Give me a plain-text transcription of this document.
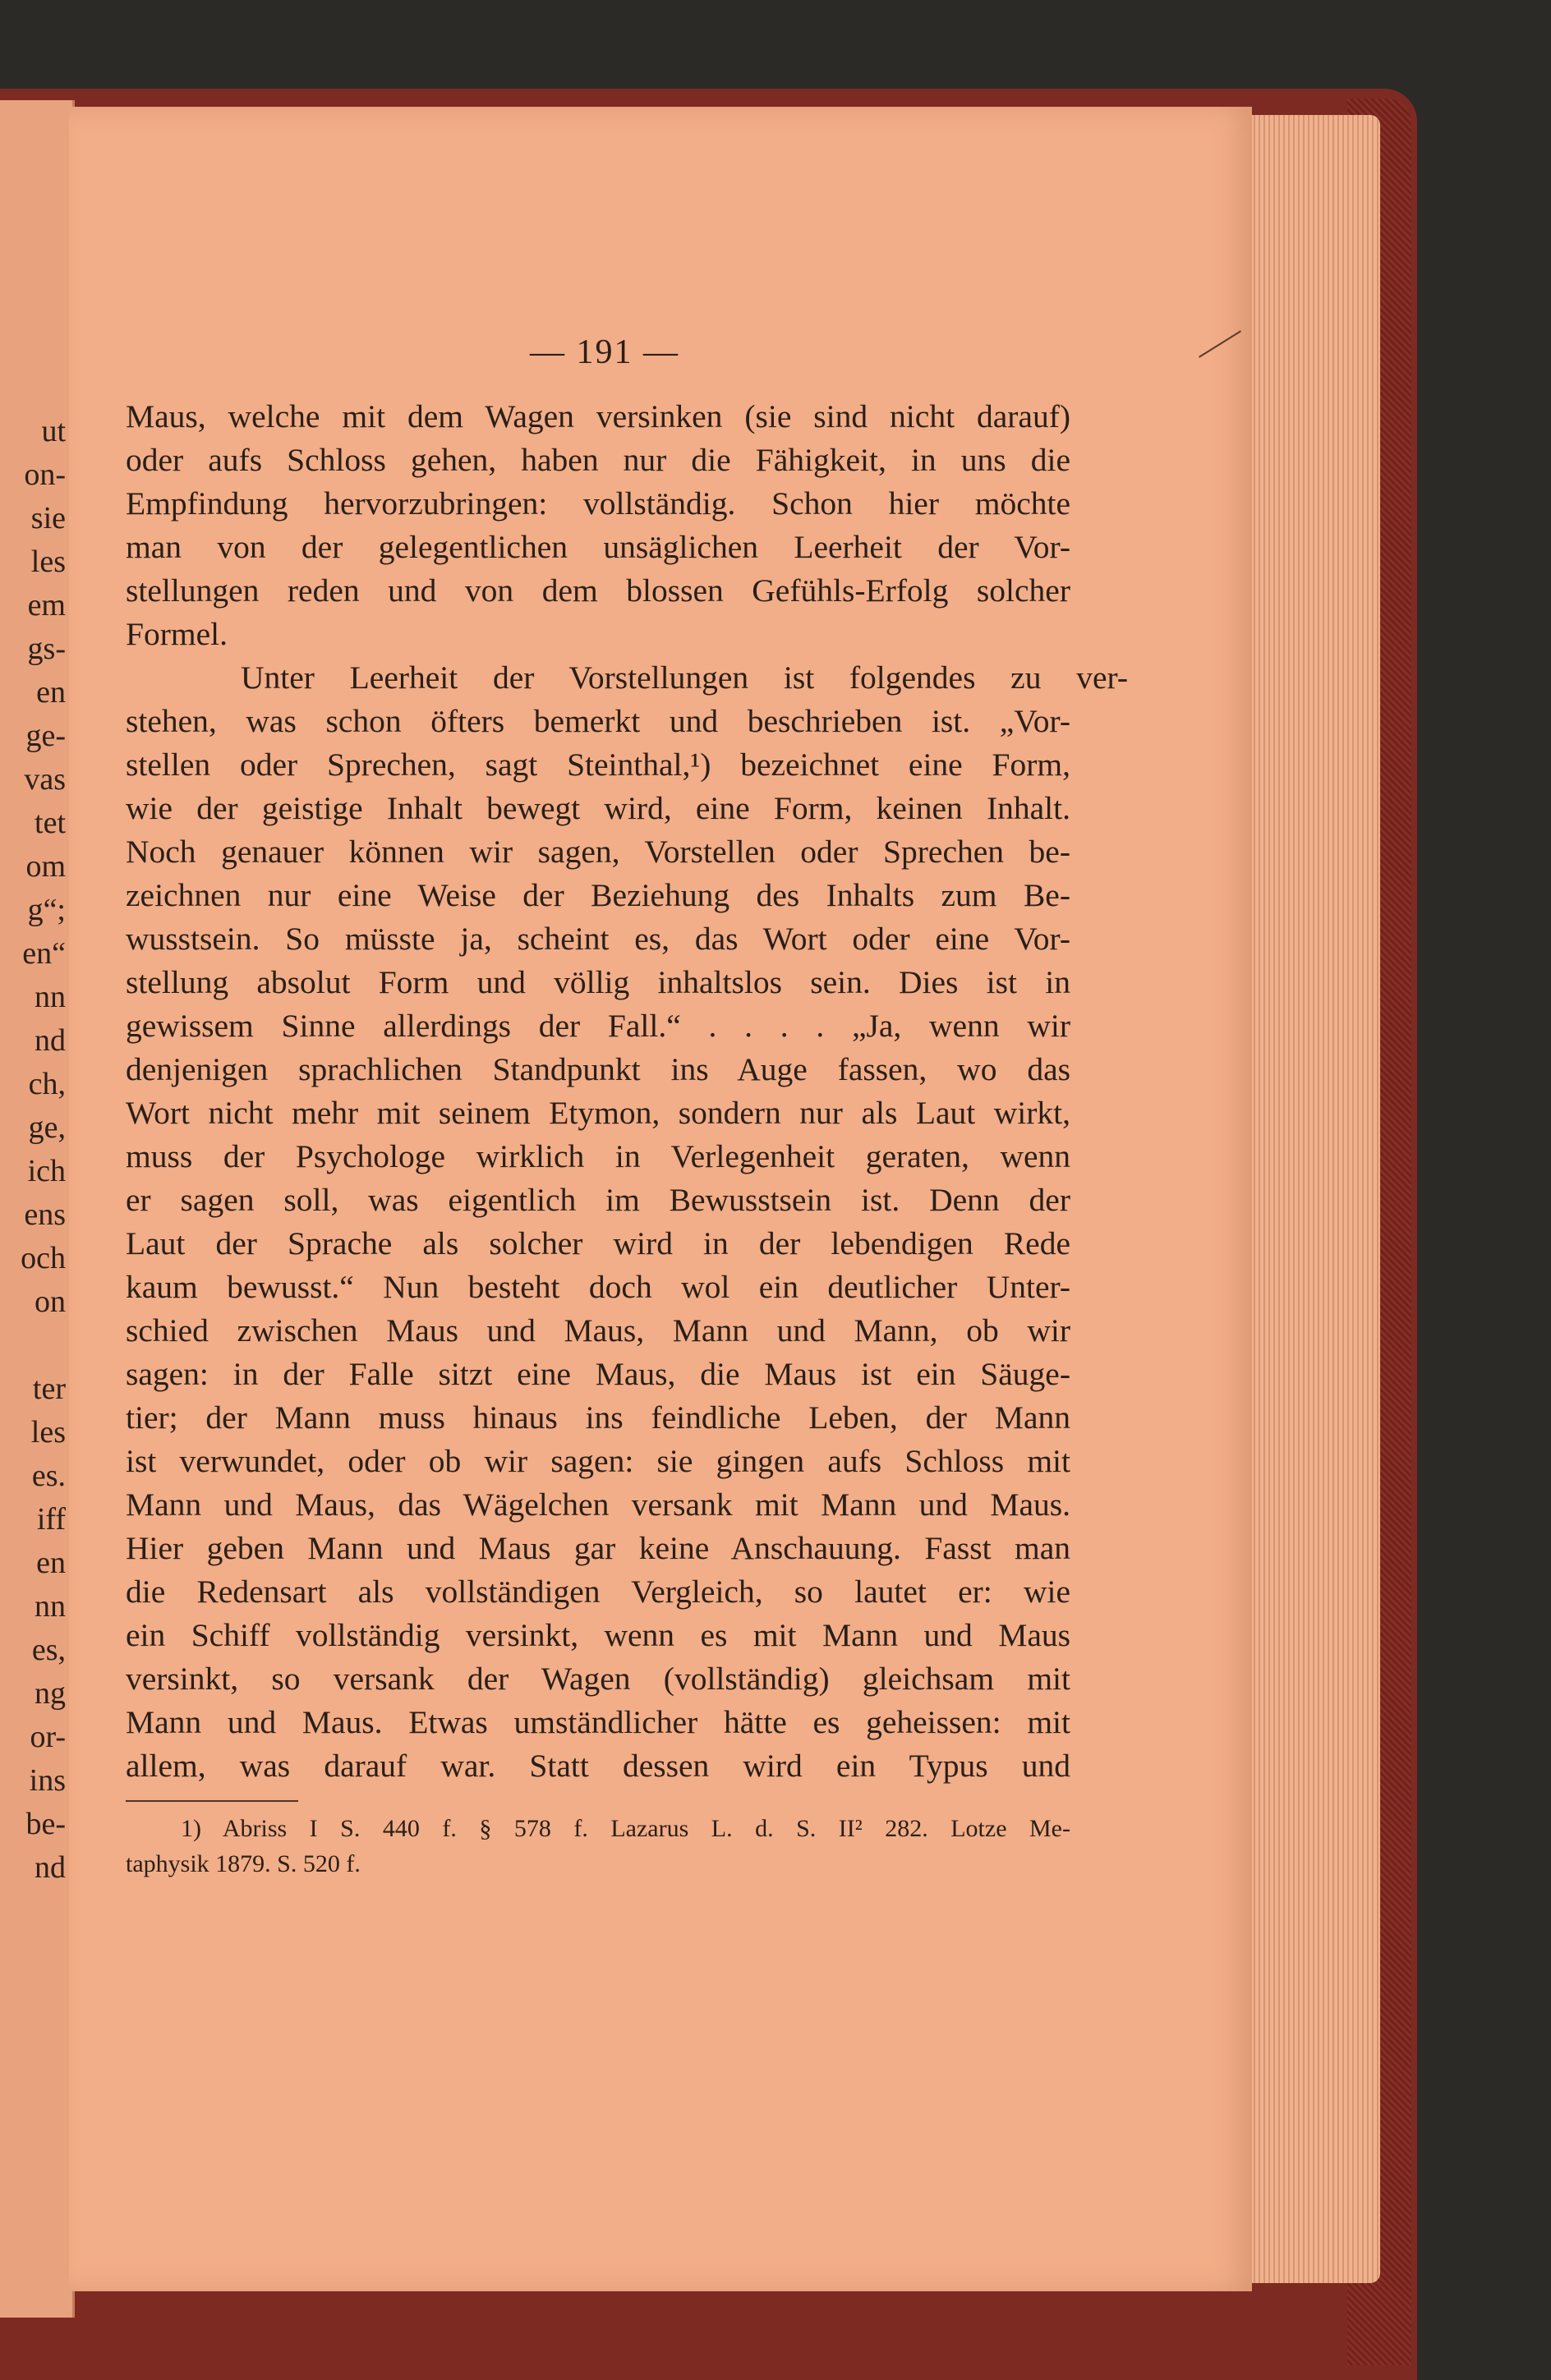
ut
on-
sie
les
em
gs-
en
ge-
vas
tet
om
g“;
en“
nn
nd
ch,
ge,
ich
ens
och
on
ter
les
es.
iff
en
nn
es,
ng
or-
ins
be-
nd
— 191 —
Maus, welche mit dem Wagen versinken (sie sind nicht darauf)
oder aufs Schloss gehen, haben nur die Fähigkeit, in uns die
Empfindung hervorzubringen: vollständig. Schon hier möchte
man von der gelegentlichen unsäglichen Leerheit der Vor-
stellungen reden und von dem blossen Gefühls-Erfolg solcher
Formel.
Unter Leerheit der Vorstellungen ist folgendes zu ver-
stehen, was schon öfters bemerkt und beschrieben ist. „Vor-
stellen oder Sprechen, sagt Steinthal,¹) bezeichnet eine Form,
wie der geistige Inhalt bewegt wird, eine Form, keinen Inhalt.
Noch genauer können wir sagen, Vorstellen oder Sprechen be-
zeichnen nur eine Weise der Beziehung des Inhalts zum Be-
wusstsein. So müsste ja, scheint es, das Wort oder eine Vor-
stellung absolut Form und völlig inhaltslos sein. Dies ist in
gewissem Sinne allerdings der Fall.“ . . . . „Ja, wenn wir
denjenigen sprachlichen Standpunkt ins Auge fassen, wo das
Wort nicht mehr mit seinem Etymon, sondern nur als Laut wirkt,
muss der Psychologe wirklich in Verlegenheit geraten, wenn
er sagen soll, was eigentlich im Bewusstsein ist. Denn der
Laut der Sprache als solcher wird in der lebendigen Rede
kaum bewusst.“ Nun besteht doch wol ein deutlicher Unter-
schied zwischen Maus und Maus, Mann und Mann, ob wir
sagen: in der Falle sitzt eine Maus, die Maus ist ein Säuge-
tier; der Mann muss hinaus ins feindliche Leben, der Mann
ist verwundet, oder ob wir sagen: sie gingen aufs Schloss mit
Mann und Maus, das Wägelchen versank mit Mann und Maus.
Hier geben Mann und Maus gar keine Anschauung. Fasst man
die Redensart als vollständigen Vergleich, so lautet er: wie
ein Schiff vollständig versinkt, wenn es mit Mann und Maus
versinkt, so versank der Wagen (vollständig) gleichsam mit
Mann und Maus. Etwas umständlicher hätte es geheissen: mit
allem, was darauf war. Statt dessen wird ein Typus und
1) Abriss I S. 440 f. § 578 f. Lazarus L. d. S. II² 282. Lotze Me-
taphysik 1879. S. 520 f.
